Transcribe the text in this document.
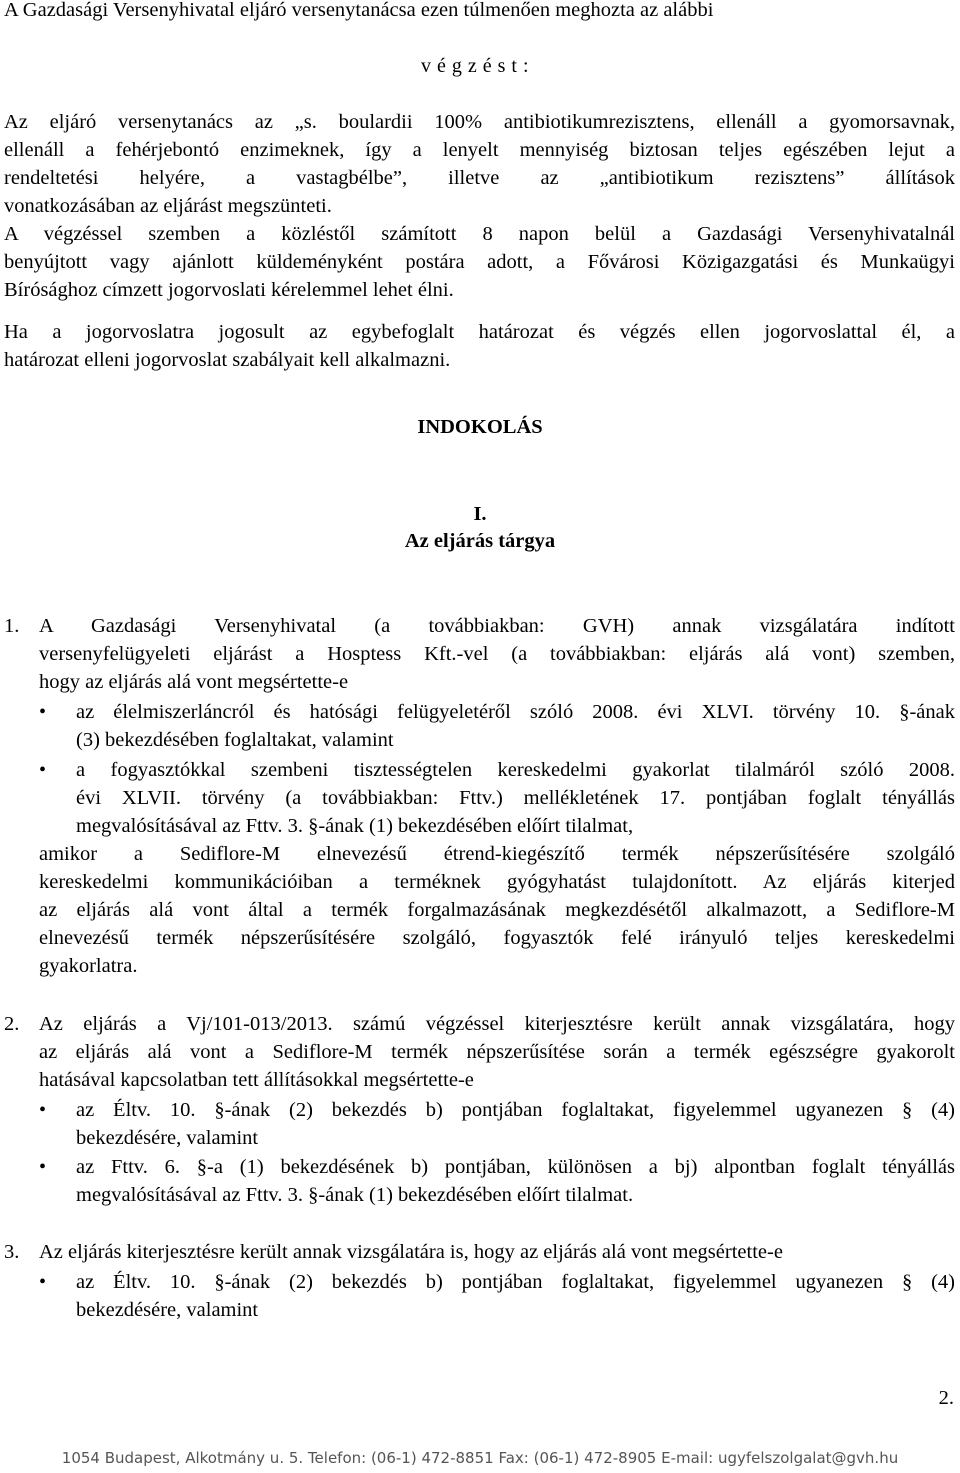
A Gazdasági Versenyhivatal eljáró versenytanácsa ezen túlmenően meghozta az alábbi
v é g z é s t :
Az eljáró versenytanács az „s. boulardii 100% antibiotikumrezisztens, ellenáll a gyomorsavnak,
ellenáll a fehérjebontó enzimeknek, így a lenyelt mennyiség biztosan teljes egészében lejut a
rendeltetési helyére, a vastagbélbe”, illetve az „antibiotikum rezisztens” állítások
vonatkozásában az eljárást megszünteti.
A végzéssel szemben a közléstől számított 8 napon belül a Gazdasági Versenyhivatalnál
benyújtott vagy ajánlott küldeményként postára adott, a Fővárosi Közigazgatási és Munkaügyi
Bírósághoz címzett jogorvoslati kérelemmel lehet élni.
Ha a jogorvoslatra jogosult az egybefoglalt határozat és végzés ellen jogorvoslattal él, a
határozat elleni jogorvoslat szabályait kell alkalmazni.
INDOKOLÁS
I.
Az eljárás tárgya
1. A Gazdasági Versenyhivatal (a továbbiakban: GVH) annak vizsgálatára indított
versenyfelügyeleti eljárást a Hosptess Kft.-vel (a továbbiakban: eljárás alá vont) szemben,
hogy az eljárás alá vont megsértette-e
• az élelmiszerláncról és hatósági felügyeletéről szóló 2008. évi XLVI. törvény 10. §-ának
(3) bekezdésében foglaltakat, valamint
• a fogyasztókkal szembeni tisztességtelen kereskedelmi gyakorlat tilalmáról szóló 2008.
évi XLVII. törvény (a továbbiakban: Fttv.) mellékletének 17. pontjában foglalt tényállás
megvalósításával az Fttv. 3. §-ának (1) bekezdésében előírt tilalmat,
amikor a Sediflore-M elnevezésű étrend-kiegészítő termék népszerűsítésére szolgáló
kereskedelmi kommunikációiban a terméknek gyógyhatást tulajdonított. Az eljárás kiterjed
az eljárás alá vont által a termék forgalmazásának megkezdésétől alkalmazott, a Sediflore-M
elnevezésű termék népszerűsítésére szolgáló, fogyasztók felé irányuló teljes kereskedelmi
gyakorlatra.
2. Az eljárás a Vj/101-013/2013. számú végzéssel kiterjesztésre került annak vizsgálatára, hogy
az eljárás alá vont a Sediflore-M termék népszerűsítése során a termék egészségre gyakorolt
hatásával kapcsolatban tett állításokkal megsértette-e
• az Éltv. 10. §-ának (2) bekezdés b) pontjában foglaltakat, figyelemmel ugyanezen § (4)
bekezdésére, valamint
• az Fttv. 6. §-a (1) bekezdésének b) pontjában, különösen a bj) alpontban foglalt tényállás
megvalósításával az Fttv. 3. §-ának (1) bekezdésében előírt tilalmat.
3. Az eljárás kiterjesztésre került annak vizsgálatára is, hogy az eljárás alá vont megsértette-e
• az Éltv. 10. §-ának (2) bekezdés b) pontjában foglaltakat, figyelemmel ugyanezen § (4)
bekezdésére, valamint
2.
1054 Budapest, Alkotmány u. 5. Telefon: (06-1) 472-8851 Fax: (06-1) 472-8905 E-mail: ugyfelszolgalat@gvh.hu
